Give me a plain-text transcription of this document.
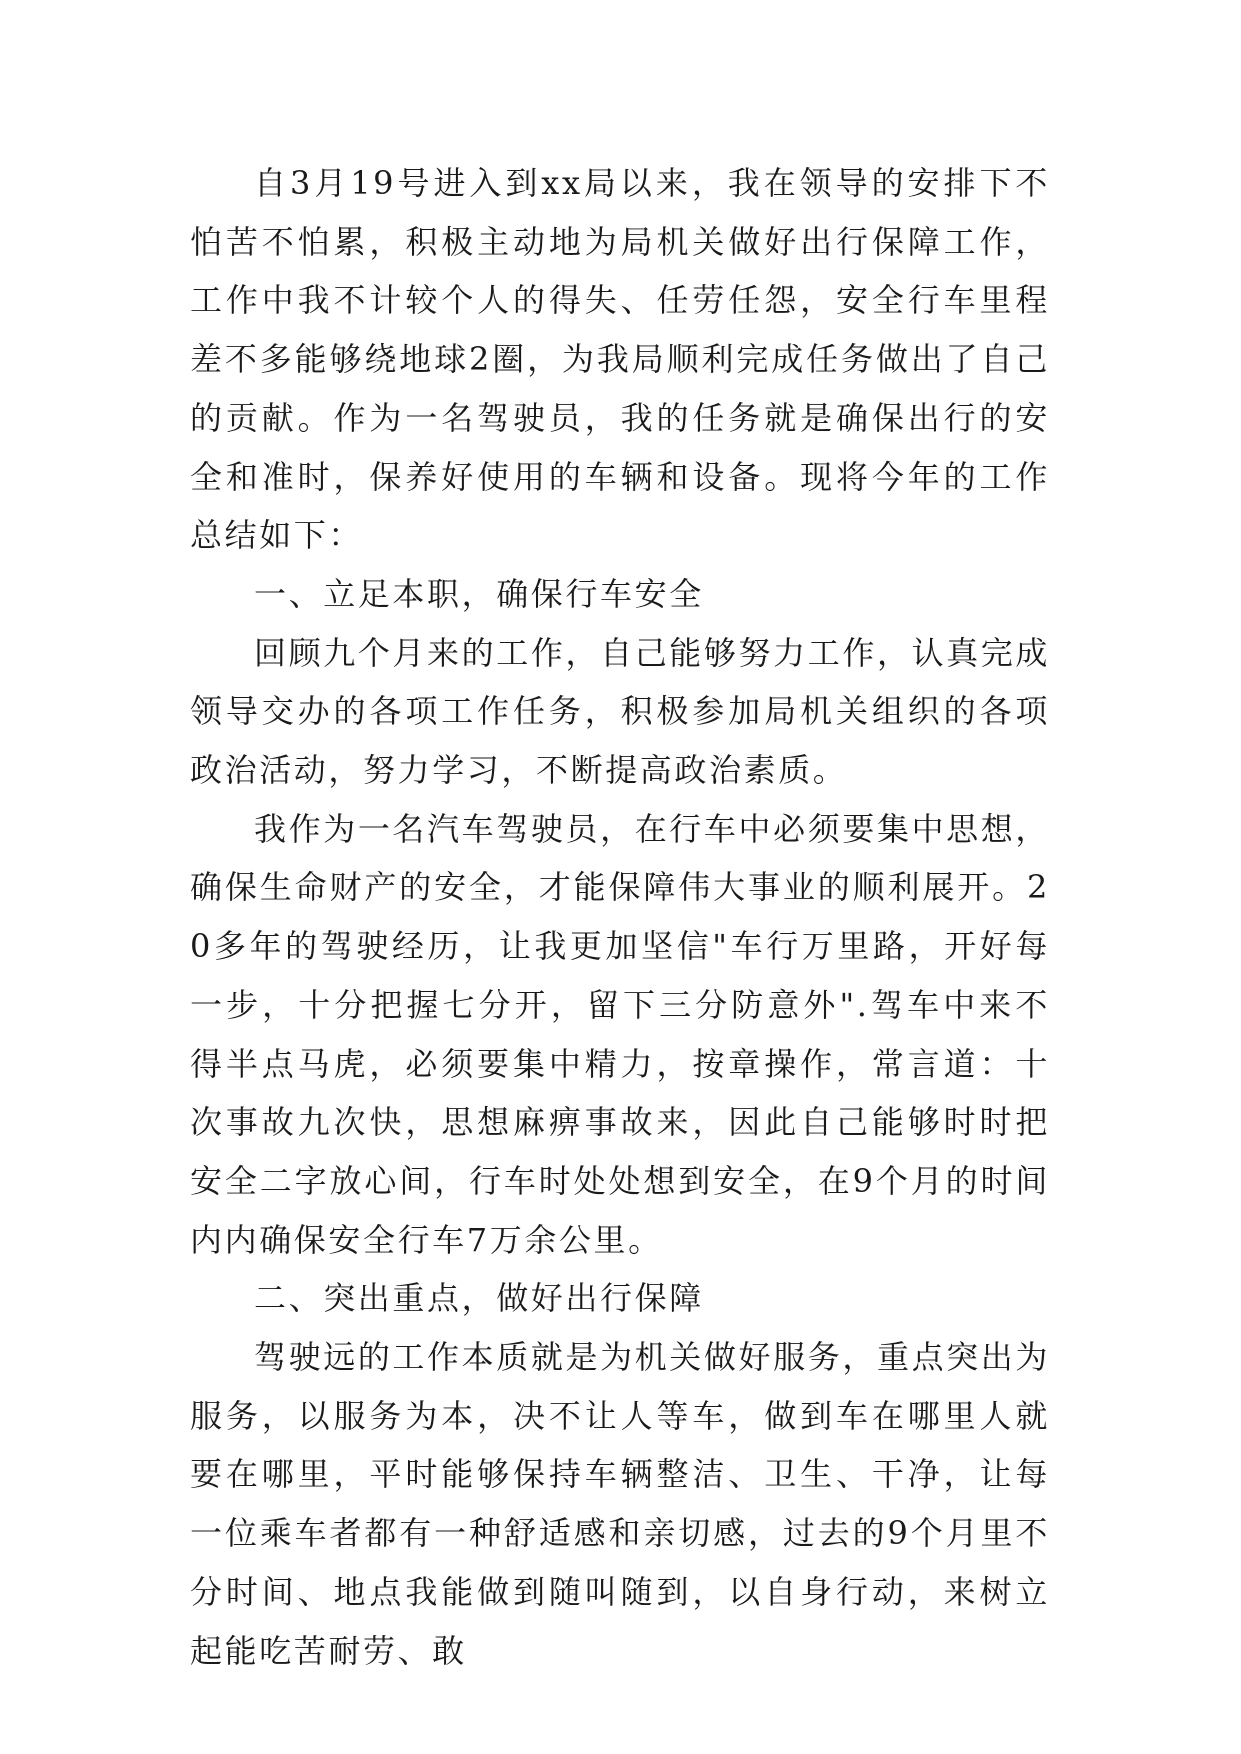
自3月19号进入到xx局以来，我在领导的安排下不怕苦不怕累，积极主动地为局机关做好出行保障工作，工作中我不计较个人的得失、任劳任怨，安全行车里程差不多能够绕地球2圈，为我局顺利完成任务做出了自己的贡献。作为一名驾驶员，我的任务就是确保出行的安全和准时，保养好使用的车辆和设备。现将今年的工作总结如下：

一、立足本职，确保行车安全

回顾九个月来的工作，自己能够努力工作，认真完成领导交办的各项工作任务，积极参加局机关组织的各项政治活动，努力学习，不断提高政治素质。

我作为一名汽车驾驶员，在行车中必须要集中思想，确保生命财产的安全，才能保障伟大事业的顺利展开。20多年的驾驶经历，让我更加坚信"车行万里路，开好每一步，十分把握七分开，留下三分防意外".驾车中来不得半点马虎，必须要集中精力，按章操作，常言道：十次事故九次快，思想麻痹事故来，因此自己能够时时把安全二字放心间，行车时处处想到安全，在9个月的时间内内确保安全行车7万余公里。

二、突出重点，做好出行保障

驾驶远的工作本质就是为机关做好服务，重点突出为服务，以服务为本，决不让人等车，做到车在哪里人就要在哪里，平时能够保持车辆整洁、卫生、干净，让每一位乘车者都有一种舒适感和亲切感，过去的9个月里不分时间、地点我能做到随叫随到，以自身行动，来树立起能吃苦耐劳、敢
